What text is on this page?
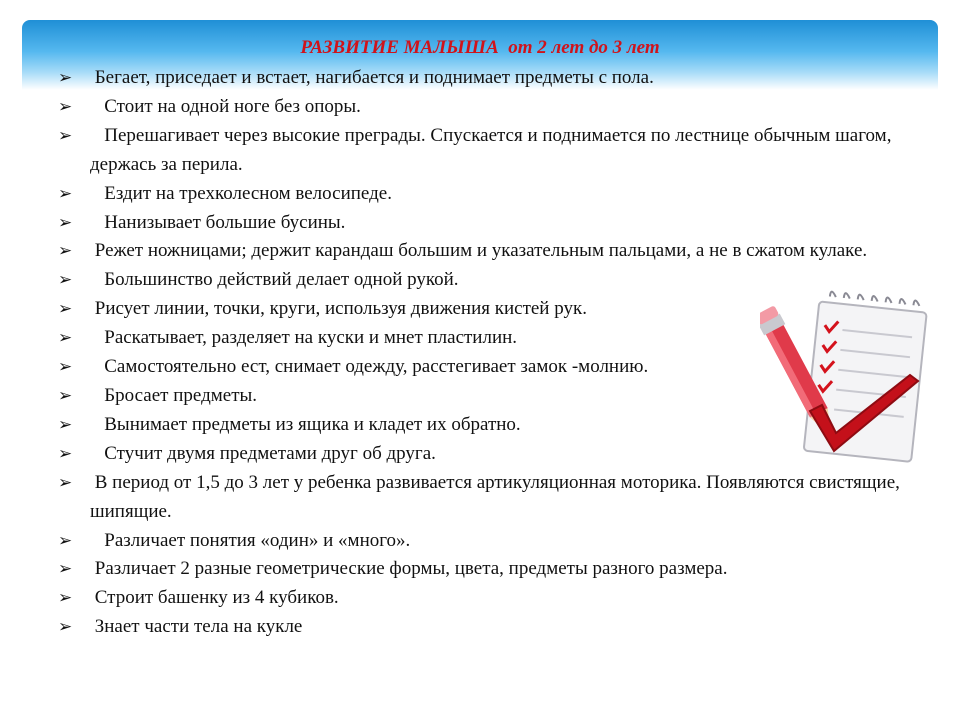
РАЗВИТИЕ МАЛЫША  от 2 лет до 3 лет
➢ Бегает, приседает и встает, нагибается и поднимает предметы с пола.
➢ Стоит на одной ноге без опоры.
➢ Перешагивает через высокие преграды. Спускается и поднимается по лестнице обычным шагом, держась за перила.
➢ Ездит на трехколесном велосипеде.
➢ Нанизывает большие бусины.
➢ Режет ножницами; держит карандаш большим и указательным пальцами, а не в сжатом кулаке.
➢ Большинство действий делает одной рукой.
➢ Рисует линии, точки, круги, используя движения кистей рук.
➢ Раскатывает, разделяет на куски и мнет пластилин.
➢ Самостоятельно ест, снимает одежду, расстегивает замок -молнию.
➢ Бросает предметы.
➢ Вынимает предметы из ящика и кладет их обратно.
➢ Стучит двумя предметами друг об друга.
➢ В период от 1,5 до 3 лет у ребенка развивается артикуляционная моторика. Появляются свистящие, шипящие.
➢ Различает понятия «один» и «много».
➢ Различает 2 разные геометрические формы, цвета, предметы разного размера.
➢ Строит башенку из 4 кубиков.
➢ Знает части тела на кукле
